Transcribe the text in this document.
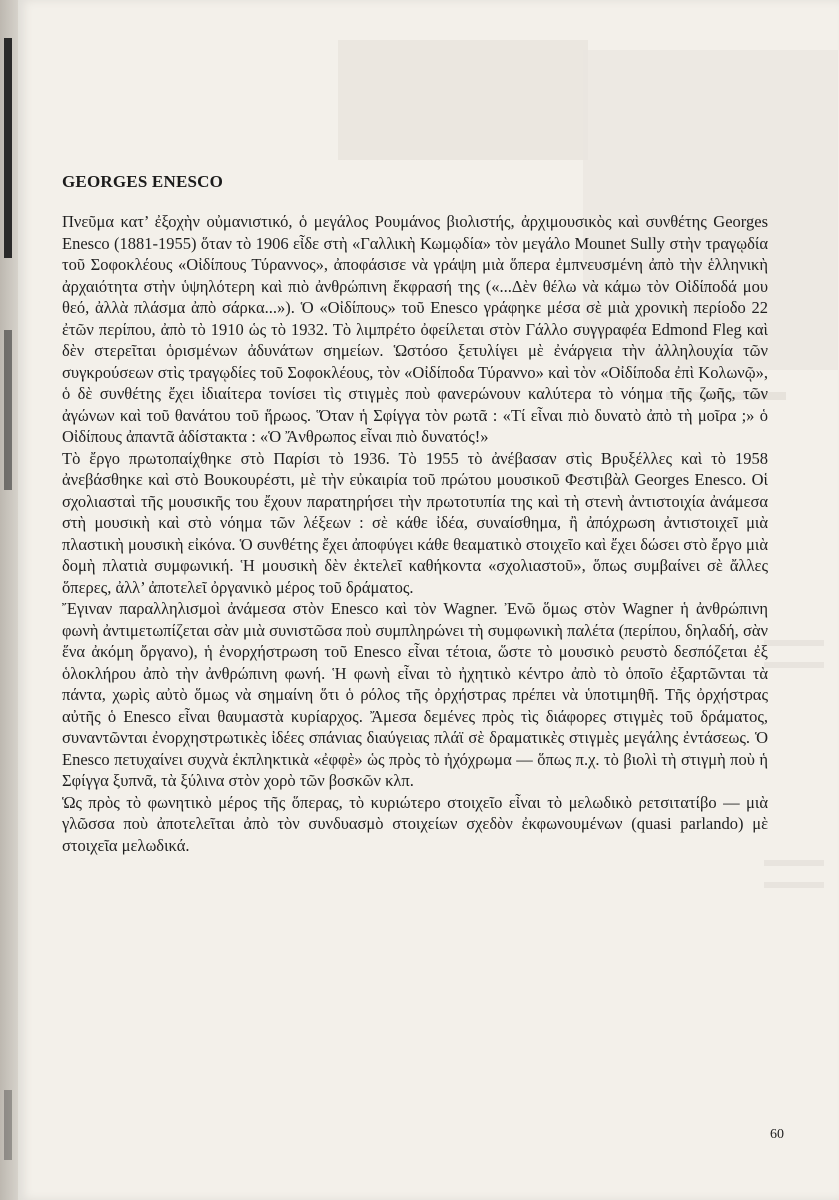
GEORGES ENESCO

Πνεῦμα κατ’ ἐξοχὴν οὐμανιστικό, ὁ μεγάλος Ρουμάνος βιολιστής, ἀρχιμουσικὸς καὶ συνθέτης Georges Enesco (1881-1955) ὅταν τὸ 1906 εἶδε στὴ «Γαλλικὴ Κωμῳδία» τὸν μεγάλο Mounet Sully στὴν τραγῳδία τοῦ Σοφοκλέους «Οἰδίπους Τύραννος», ἀποφάσισε νὰ γράψη μιὰ ὅπερα ἐμπνευσμένη ἀπὸ τὴν ἑλληνικὴ ἀρχαιότητα στὴν ὑψηλότερη καὶ πιὸ ἀνθρώπινη ἔκφρασή της («...Δὲν θέλω νὰ κάμω τὸν Οἰδίποδά μου θεό, ἀλλὰ πλάσμα ἀπὸ σάρκα...»). Ὁ «Οἰδίπους» τοῦ Enesco γράφηκε μέσα σὲ μιὰ χρονικὴ περίοδο 22 ἐτῶν περίπου, ἀπὸ τὸ 1910 ὡς τὸ 1932. Τὸ λιμπρέτο ὀφείλεται στὸν Γάλλο συγγραφέα Edmond Fleg καὶ δὲν στερεῖται ὁρισμένων ἀδυνάτων σημείων. Ὡστόσο ξετυλίγει μὲ ἐνάργεια τὴν ἀλληλουχία τῶν συγκρούσεων στὶς τραγῳδίες τοῦ Σοφοκλέους, τὸν «Οἰδίποδα Τύραννο» καὶ τὸν «Οἰδίποδα ἐπὶ Κολωνῷ», ὁ δὲ συνθέτης ἔχει ἰδιαίτερα τονίσει τὶς στιγμὲς ποὺ φανερώνουν καλύτερα τὸ νόημα τῆς ζωῆς, τῶν ἀγώνων καὶ τοῦ θανάτου τοῦ ἥρωος. Ὅταν ἡ Σφίγγα τὸν ρωτᾶ : «Τί εἶναι πιὸ δυνατὸ ἀπὸ τὴ μοῖρα ;» ὁ Οἰδίπους ἀπαντᾶ ἀδίστακτα : «Ὁ Ἄνθρωπος εἶναι πιὸ δυνατός!»

Τὸ ἔργο πρωτοπαίχθηκε στὸ Παρίσι τὸ 1936. Τὸ 1955 τὸ ἀνέβασαν στὶς Βρυξέλλες καὶ τὸ 1958 ἀνεβάσθηκε καὶ στὸ Βουκουρέστι, μὲ τὴν εὐκαιρία τοῦ πρώτου μουσικοῦ Φεστιβὰλ Georges Enesco. Οἱ σχολιασταὶ τῆς μουσικῆς του ἔχουν παρατηρήσει τὴν πρωτοτυπία της καὶ τὴ στενὴ ἀντιστοιχία ἀνάμεσα στὴ μουσικὴ καὶ στὸ νόημα τῶν λέξεων : σὲ κάθε ἰδέα, συναίσθημα, ἢ ἀπόχρωση ἀντιστοιχεῖ μιὰ πλαστικὴ μουσικὴ εἰκόνα. Ὁ συνθέτης ἔχει ἀποφύγει κάθε θεαματικὸ στοιχεῖο καὶ ἔχει δώσει στὸ ἔργο μιὰ δομὴ πλατιὰ συμφωνική. Ἡ μουσικὴ δὲν ἐκτελεῖ καθήκοντα «σχολιαστοῦ», ὅπως συμβαίνει σὲ ἄλλες ὅπερες, ἀλλ’ ἀποτελεῖ ὀργανικὸ μέρος τοῦ δράματος.

Ἔγιναν παραλληλισμοὶ ἀνάμεσα στὸν Enesco καὶ τὸν Wagner. Ἐνῶ ὅμως στὸν Wagner ἡ ἀνθρώπινη φωνὴ ἀντιμετωπίζεται σὰν μιὰ συνιστῶσα ποὺ συμπληρώνει τὴ συμφωνικὴ παλέτα (περίπου, δηλαδή, σὰν ἕνα ἀκόμη ὄργανο), ἡ ἐνορχήστρωση τοῦ Enesco εἶναι τέτοια, ὥστε τὸ μουσικὸ ρευστὸ δεσπόζεται ἐξ ὁλοκλήρου ἀπὸ τὴν ἀνθρώπινη φωνή. Ἡ φωνὴ εἶναι τὸ ἠχητικὸ κέντρο ἀπὸ τὸ ὁποῖο ἐξαρτῶνται τὰ πάντα, χωρὶς αὐτὸ ὅμως νὰ σημαίνη ὅτι ὁ ρόλος τῆς ὀρχήστρας πρέπει νὰ ὑποτιμηθῆ. Τῆς ὀρχήστρας αὐτῆς ὁ Enesco εἶναι θαυμαστὰ κυρίαρχος. Ἄμεσα δεμένες πρὸς τὶς διάφορες στιγμὲς τοῦ δράματος, συναντῶνται ἐνορχηστρωτικὲς ἰδέες σπάνιας διαύγειας πλάϊ σὲ δραματικὲς στιγμὲς μεγάλης ἐντάσεως. Ὁ Enesco πετυχαίνει συχνὰ ἐκπληκτικὰ «ἐφφὲ» ὡς πρὸς τὸ ἠχόχρωμα — ὅπως π.χ. τὸ βιολὶ τὴ στιγμὴ ποὺ ἡ Σφίγγα ξυπνᾶ, τὰ ξύλινα στὸν χορὸ τῶν βοσκῶν κλπ.

Ὡς πρὸς τὸ φωνητικὸ μέρος τῆς ὅπερας, τὸ κυριώτερο στοιχεῖο εἶναι τὸ μελωδικὸ ρετσιτατίβο — μιὰ γλῶσσα ποὺ ἀποτελεῖται ἀπὸ τὸν συνδυασμὸ στοιχείων σχεδὸν ἐκφωνουμένων (quasi parlando) μὲ στοιχεῖα μελωδικά.

60
